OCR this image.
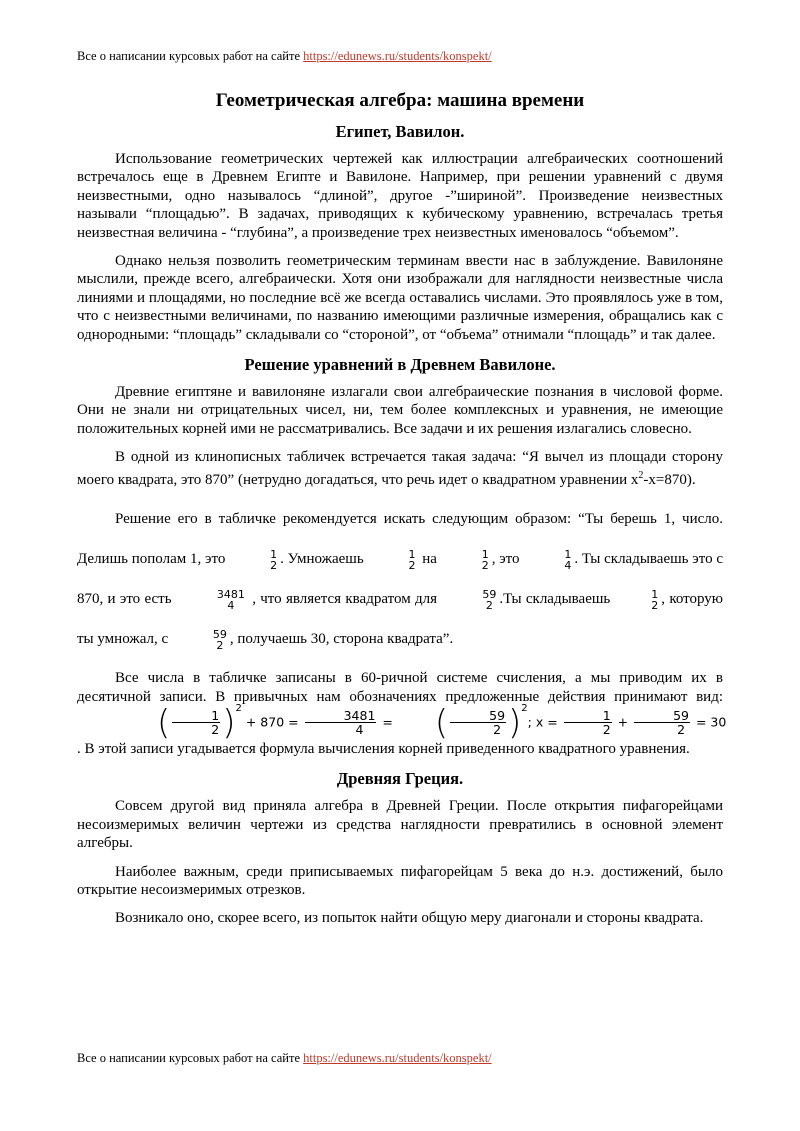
Все о написании курсовых работ на сайте https://edunews.ru/students/konspekt/
Геометрическая алгебра: машина времени
Египет, Вавилон.

Использование геометрических чертежей как иллюстрации алгебраических соотношений встречалось еще в Древнем Египте и Вавилоне. Например, при решении уравнений с двумя неизвестными, одно называлось “длиной”, другое -”шириной”. Произведение неизвестных называли “площадью”. В задачах, приводящих к кубическому уравнению, встречалась третья неизвестная величина - “глубина”, а произведение трех неизвестных именовалось “объемом”.

Однако нельзя позволить геометрическим терминам ввести нас в заблуждение. Вавилоняне мыслили, прежде всего, алгебраически. Хотя они изображали для наглядности неизвестные числа линиями и площадями, но последние всё же всегда оставались числами. Это проявлялось уже в том, что с неизвестными величинами, по названию имеющими различные измерения, обращались как с однородными: “площадь” складывали со “стороной”, от “объема” отнимали “площадь” и так далее.

Решение уравнений в Древнем Вавилоне.

Древние египтяне и вавилоняне излагали свои алгебраические познания в числовой форме. Они не знали ни отрицательных чисел, ни, тем более комплексных и уравнения, не имеющие положительных корней ими не рассматривались. Все задачи и их решения излагались словесно.

В одной из клинописных табличек встречается такая задача: “Я вычел из площади сторону моего квадрата, это 870” (нетрудно догадаться, что речь идет о квадратном уравнении $x^2-x=870$).

Решение его в табличке рекомендуется искать следующим образом: “Ты берешь 1, число. Делишь пополам 1, это	1
2 . Умножаешь	1
2 на	1
2 , это	1
4 . Ты складываешь это с 870, и это есть	3481
4	, что является квадратом для	59
2 .Ты складываешь	1
2 , которую ты умножал, с	59
2 , получаешь 30, сторона квадрата”.

Все числа в табличке записаны в 60-ричной системе счисления, а мы приводим их в десятичной записи. В привычных нам обозначениях предложенные действия принимают вид: ( $\frac{1}{2} )^2 + 870 = \frac{3481}{4}$ = ( $\frac{59}{2} )^2$; $x = \frac{1}{2} + \frac{59}{2} = 30$ . В этой записи угадывается формула вычисления корней приведенного квадратного уравнения.

Древняя Греция.

Совсем другой вид приняла алгебра в Древней Греции. После открытия пифагорейцами несоизмеримых величин чертежи из средства наглядности превратились в основной элемент алгебры.

Наиболее важным, среди приписываемых пифагорейцам 5 века до н.э. достижений, было открытие несоизмеримых отрезков.

Возникало оно, скорее всего, из попыток найти общую меру диагонали и стороны квадрата.

Все о написании курсовых работ на сайте https://edunews.ru/students/konspekt/
